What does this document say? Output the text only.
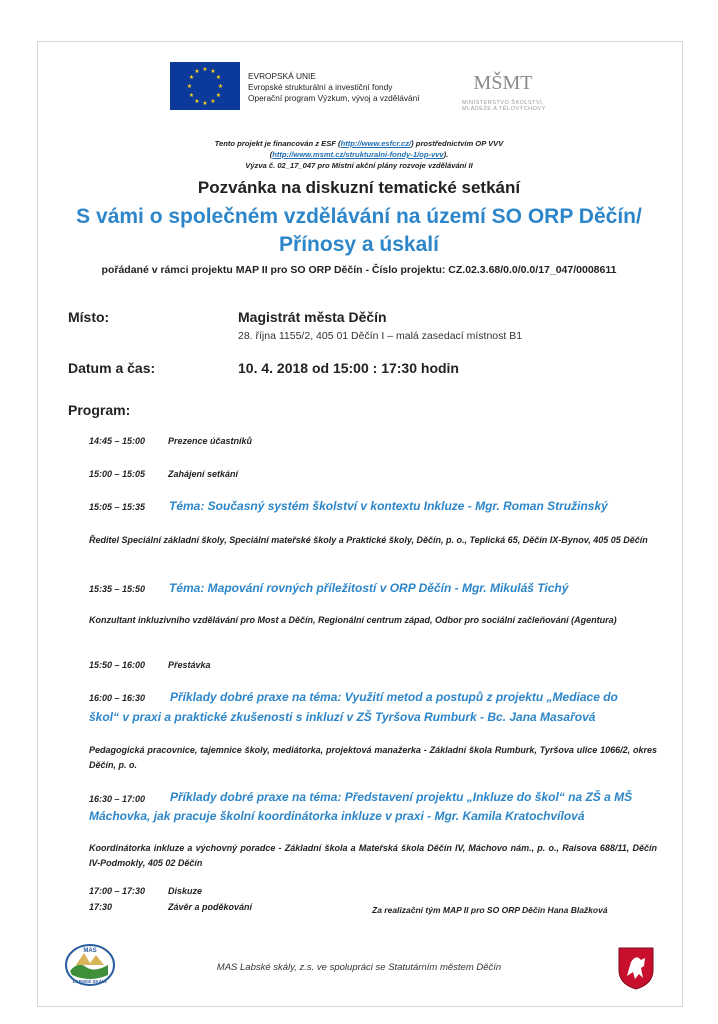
★ ★
★
★
★
★
★
★
★
★
★
★	EVROPSKÁ UNIE
Evropské strukturální a investiční fondy
Operační program Výzkum, vývoj a vzdělávání
MŠMT
MINISTERSTVO ŠKOLSTVÍ,
MLÁDEŽE A TĚLOVÝCHOVY
Tento projekt je financován z ESF (http://www.esfcr.cz/) prostřednictvím OP VVV
(http://www.msmt.cz/strukturalni-fondy-1/op-vvv).
Výzva č. 02_17_047 pro Místní akční plány rozvoje vzdělávání II
Pozvánka na diskuzní tematické setkání
S vámi o společném vzdělávání na území SO ORP Děčín/
Přínosy a úskalí
pořádané v rámci projektu MAP II pro SO ORP Děčín - Číslo projektu: CZ.02.3.68/0.0/0.0/17_047/0008611
Místo:	Magistrát města Děčín
28. října 1155/2, 405 01 Děčín I – malá zasedací místnost B1
Datum a čas:	10. 4. 2018 od 15:00 : 17:30 hodin
Program:
14:45 – 15:00	Prezence účastníků
15:00 – 15:05	Zahájení setkání
15:05 – 15:35 Téma: Současný systém školství v kontextu Inkluze - Mgr. Roman Stružinský
Ředitel Speciální základní školy, Speciální mateřské školy a Praktické školy, Děčín, p. o., Teplická 65, Děčín IX-Bynov, 405 05 Děčín
15:35 – 15:50 Téma: Mapování rovných příležitostí v ORP Děčín - Mgr. Mikuláš Tichý
Konzultant inkluzivního vzdělávání pro Most a Děčín, Regionální centrum západ, Odbor pro sociální začleňování (Agentura)
15:50 – 16:00	Přestávka
16:00 – 16:30 Příklady dobré praxe na téma: Využití metod a postupů z projektu „Mediace do
škol“ v praxi a praktické zkušenosti s inkluzí v ZŠ Tyršova Rumburk - Bc. Jana Masařová
Pedagogická pracovnice, tajemnice školy, mediátorka, projektová manažerka - Základní škola Rumburk, Tyršova ulice 1066/2, okres Děčín, p. o.
16:30 – 17:00 Příklady dobré praxe na téma: Představení projektu „Inkluze do škol“ na ZŠ a MŠ
Máchovka, jak pracuje školní koordinátorka inkluze v praxi - Mgr. Kamila Kratochvílová
Koordinátorka inkluze a výchovný poradce - Základní škola a Mateřská škola Děčín IV, Máchovo nám., p. o., Raisova 688/11, Děčín IV-Podmokly, 405 02 Děčín
17:00 – 17:30	Diskuze
17:30	Závěr a poděkování	Za realizační tým MAP II pro SO ORP Děčín Hana Blažková
MAS
LABSKÉ SKÁLY
MAS Labské skály, z.s. ve spolupráci se Statutárním městem Děčín
